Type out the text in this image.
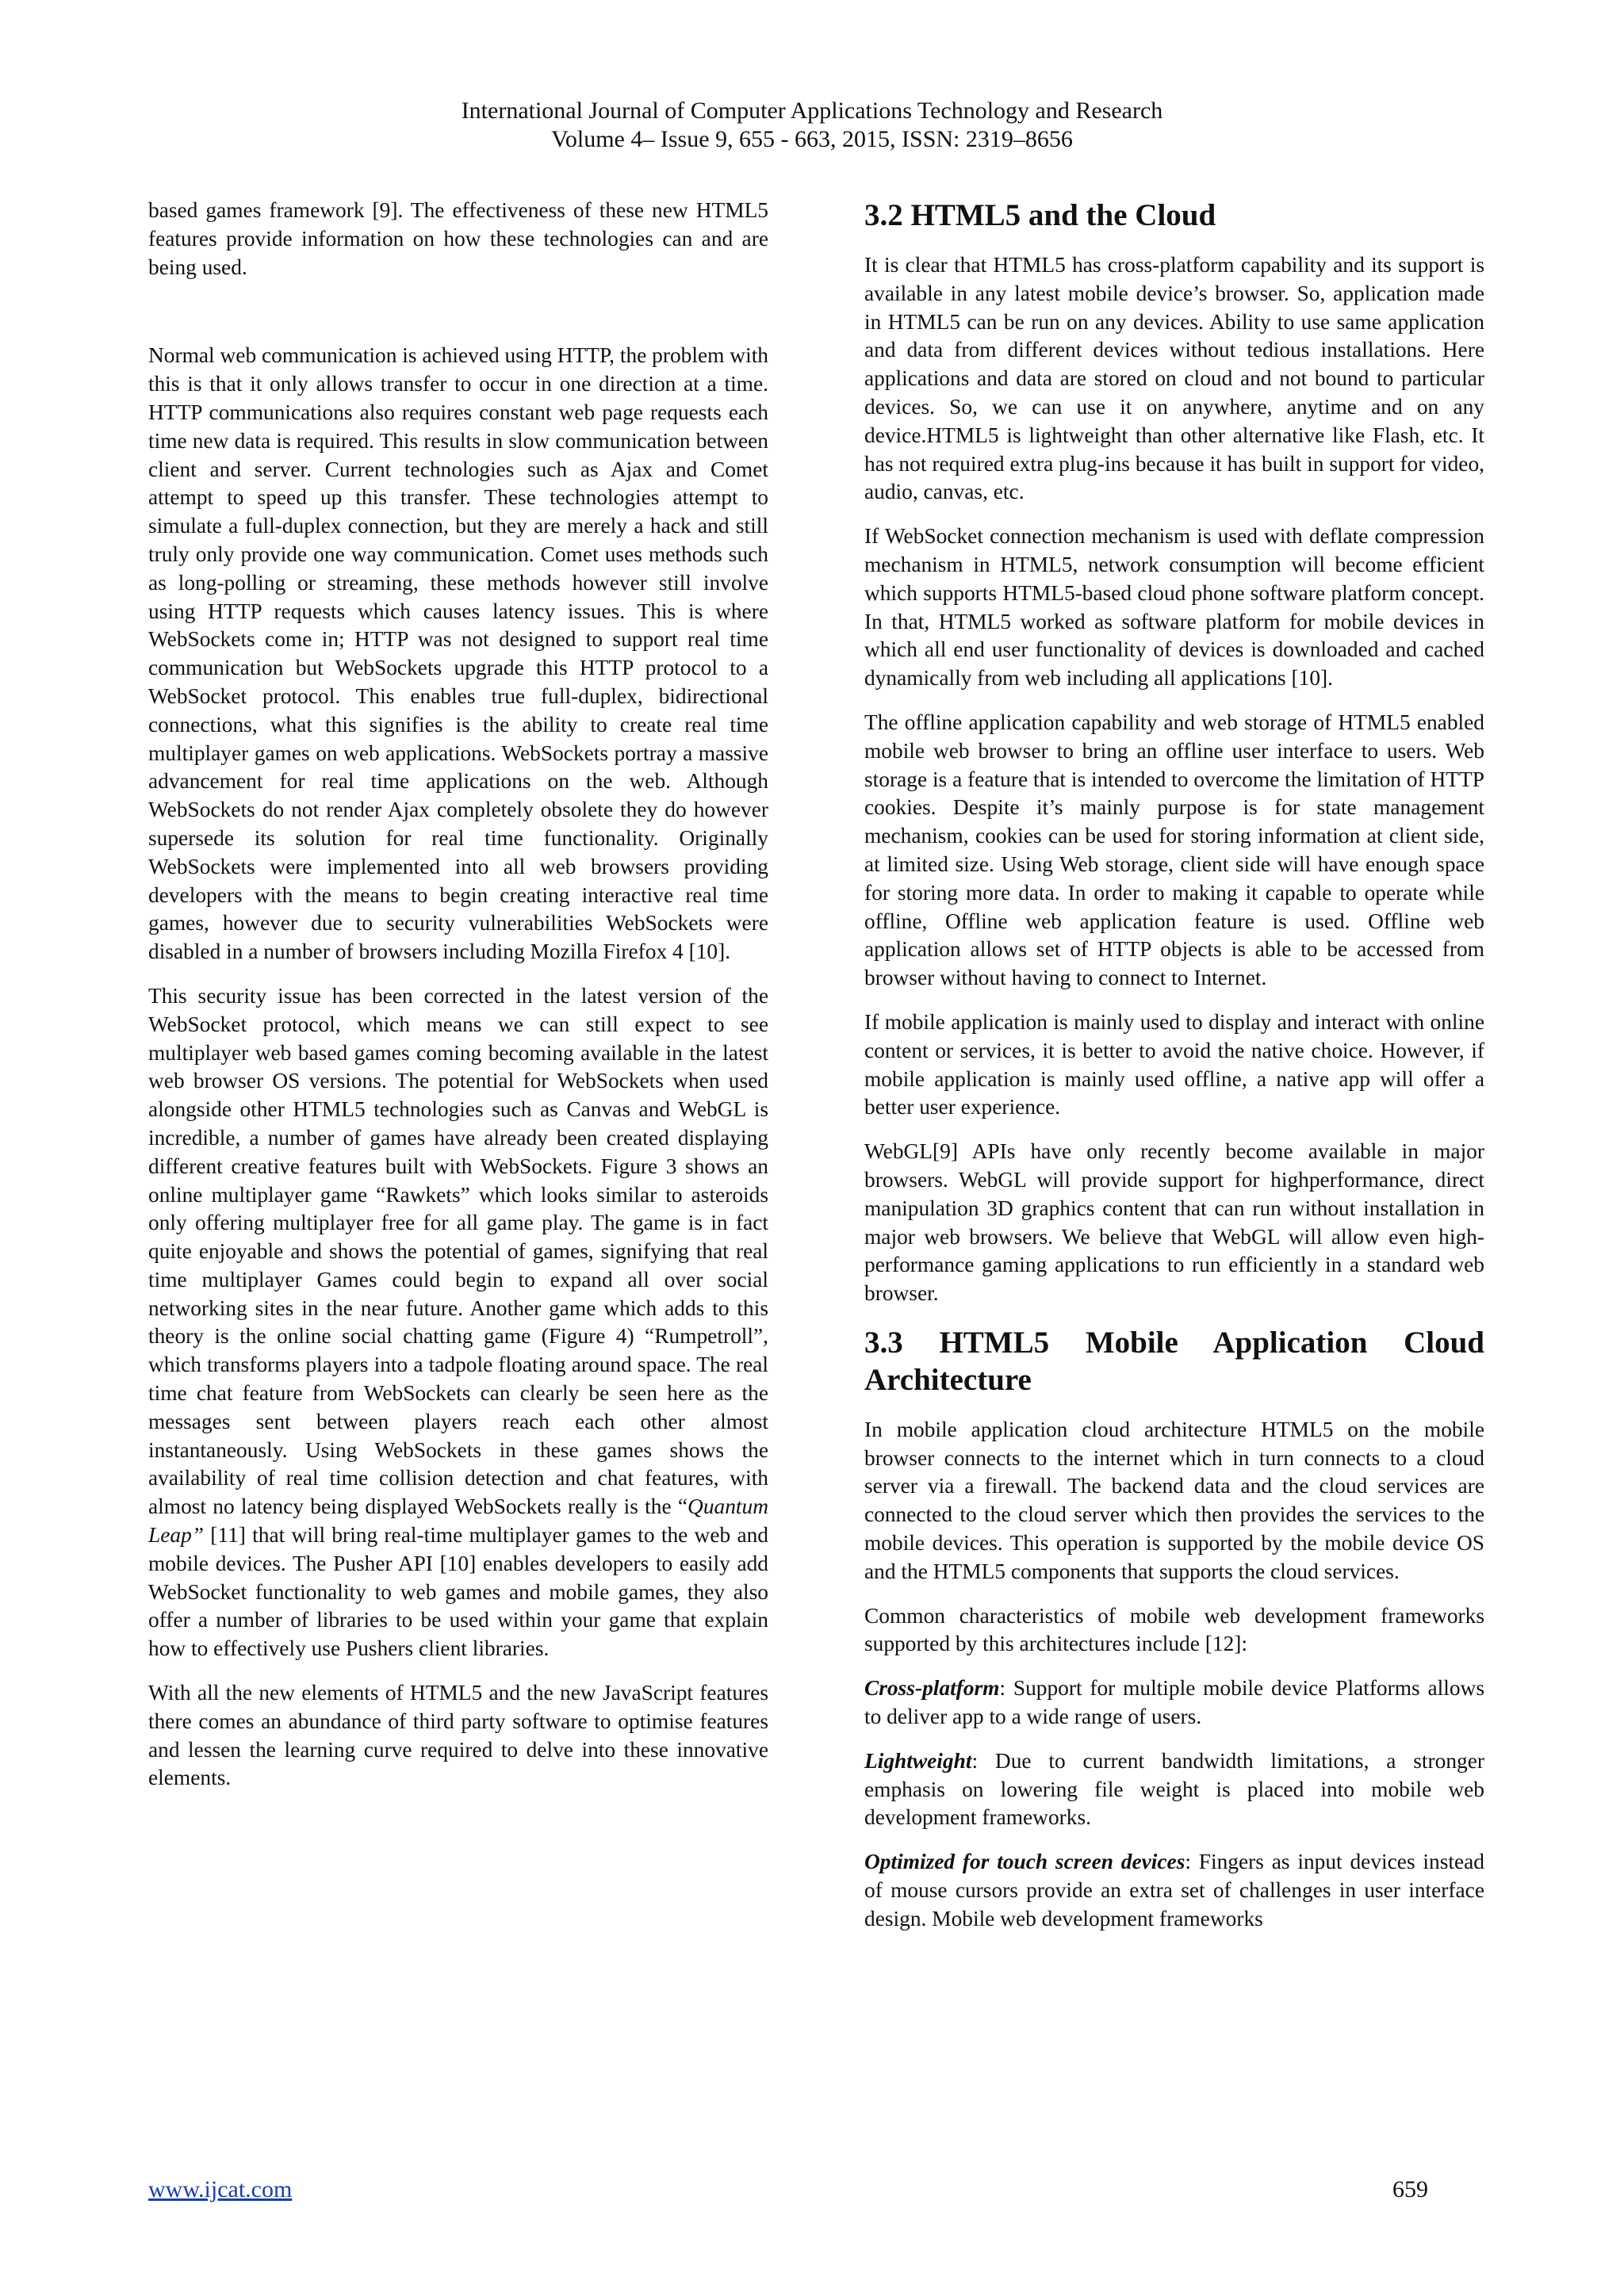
International Journal of Computer Applications Technology and Research
Volume 4– Issue 9, 655 - 663, 2015, ISSN: 2319–8656

based games framework [9]. The effectiveness of these new HTML5 features provide information on how these technologies can and are being used.

Normal web communication is achieved using HTTP, the problem with this is that it only allows transfer to occur in one direction at a time. HTTP communications also requires constant web page requests each time new data is required. This results in slow communication between client and server. Current technologies such as Ajax and Comet attempt to speed up this transfer. These technologies attempt to simulate a full-duplex connection, but they are merely a hack and still truly only provide one way communication. Comet uses methods such as long-polling or streaming, these methods however still involve using HTTP requests which causes latency issues. This is where WebSockets come in; HTTP was not designed to support real time communication but WebSockets upgrade this HTTP protocol to a WebSocket protocol. This enables true full-duplex, bidirectional connections, what this signifies is the ability to create real time multiplayer games on web applications. WebSockets portray a massive advancement for real time applications on the web. Although WebSockets do not render Ajax completely obsolete they do however supersede its solution for real time functionality. Originally WebSockets were implemented into all web browsers providing developers with the means to begin creating interactive real time games, however due to security vulnerabilities WebSockets were disabled in a number of browsers including Mozilla Firefox 4 [10].

This security issue has been corrected in the latest version of the WebSocket protocol, which means we can still expect to see multiplayer web based games coming becoming available in the latest web browser OS versions. The potential for WebSockets when used alongside other HTML5 technologies such as Canvas and WebGL is incredible, a number of games have already been created displaying different creative features built with WebSockets. Figure 3 shows an online multiplayer game “Rawkets” which looks similar to asteroids only offering multiplayer free for all game play. The game is in fact quite enjoyable and shows the potential of games, signifying that real time multiplayer Games could begin to expand all over social networking sites in the near future. Another game which adds to this theory is the online social chatting game (Figure 4) “Rumpetroll”, which transforms players into a tadpole floating around space. The real time chat feature from WebSockets can clearly be seen here as the messages sent between players reach each other almost instantaneously. Using WebSockets in these games shows the availability of real time collision detection and chat features, with almost no latency being displayed WebSockets really is the “Quantum Leap” [11] that will bring real-time multiplayer games to the web and mobile devices. The Pusher API [10] enables developers to easily add WebSocket functionality to web games and mobile games, they also offer a number of libraries to be used within your game that explain how to effectively use Pushers client libraries.

With all the new elements of HTML5 and the new JavaScript features there comes an abundance of third party software to optimise features and lessen the learning curve required to delve into these innovative elements.

3.2 HTML5 and the Cloud

It is clear that HTML5 has cross-platform capability and its support is available in any latest mobile device’s browser. So, application made in HTML5 can be run on any devices. Ability to use same application and data from different devices without tedious installations. Here applications and data are stored on cloud and not bound to particular devices. So, we can use it on anywhere, anytime and on any device.HTML5 is lightweight than other alternative like Flash, etc. It has not required extra plug-ins because it has built in support for video, audio, canvas, etc.

If WebSocket connection mechanism is used with deflate compression mechanism in HTML5, network consumption will become efficient which supports HTML5-based cloud phone software platform concept. In that, HTML5 worked as software platform for mobile devices in which all end user functionality of devices is downloaded and cached dynamically from web including all applications [10].

The offline application capability and web storage of HTML5 enabled mobile web browser to bring an offline user interface to users. Web storage is a feature that is intended to overcome the limitation of HTTP cookies. Despite it’s mainly purpose is for state management mechanism, cookies can be used for storing information at client side, at limited size. Using Web storage, client side will have enough space for storing more data. In order to making it capable to operate while offline, Offline web application feature is used. Offline web application allows set of HTTP objects is able to be accessed from browser without having to connect to Internet.

If mobile application is mainly used to display and interact with online content or services, it is better to avoid the native choice. However, if mobile application is mainly used offline, a native app will offer a better user experience.

WebGL[9] APIs have only recently become available in major browsers. WebGL will provide support for highperformance, direct manipulation 3D graphics content that can run without installation in major web browsers. We believe that WebGL will allow even high-performance gaming applications to run efficiently in a standard web browser.

3.3 HTML5 Mobile Application Cloud Architecture

In mobile application cloud architecture HTML5 on the mobile browser connects to the internet which in turn connects to a cloud server via a firewall. The backend data and the cloud services are connected to the cloud server which then provides the services to the mobile devices. This operation is supported by the mobile device OS and the HTML5 components that supports the cloud services.

Common characteristics of mobile web development frameworks supported by this architectures include [12]:

Cross-platform: Support for multiple mobile device Platforms allows to deliver app to a wide range of users.

Lightweight: Due to current bandwidth limitations, a stronger emphasis on lowering file weight is placed into mobile web development frameworks.

Optimized for touch screen devices: Fingers as input devices instead of mouse cursors provide an extra set of challenges in user interface design. Mobile web development frameworks

www.ijcat.com	659
